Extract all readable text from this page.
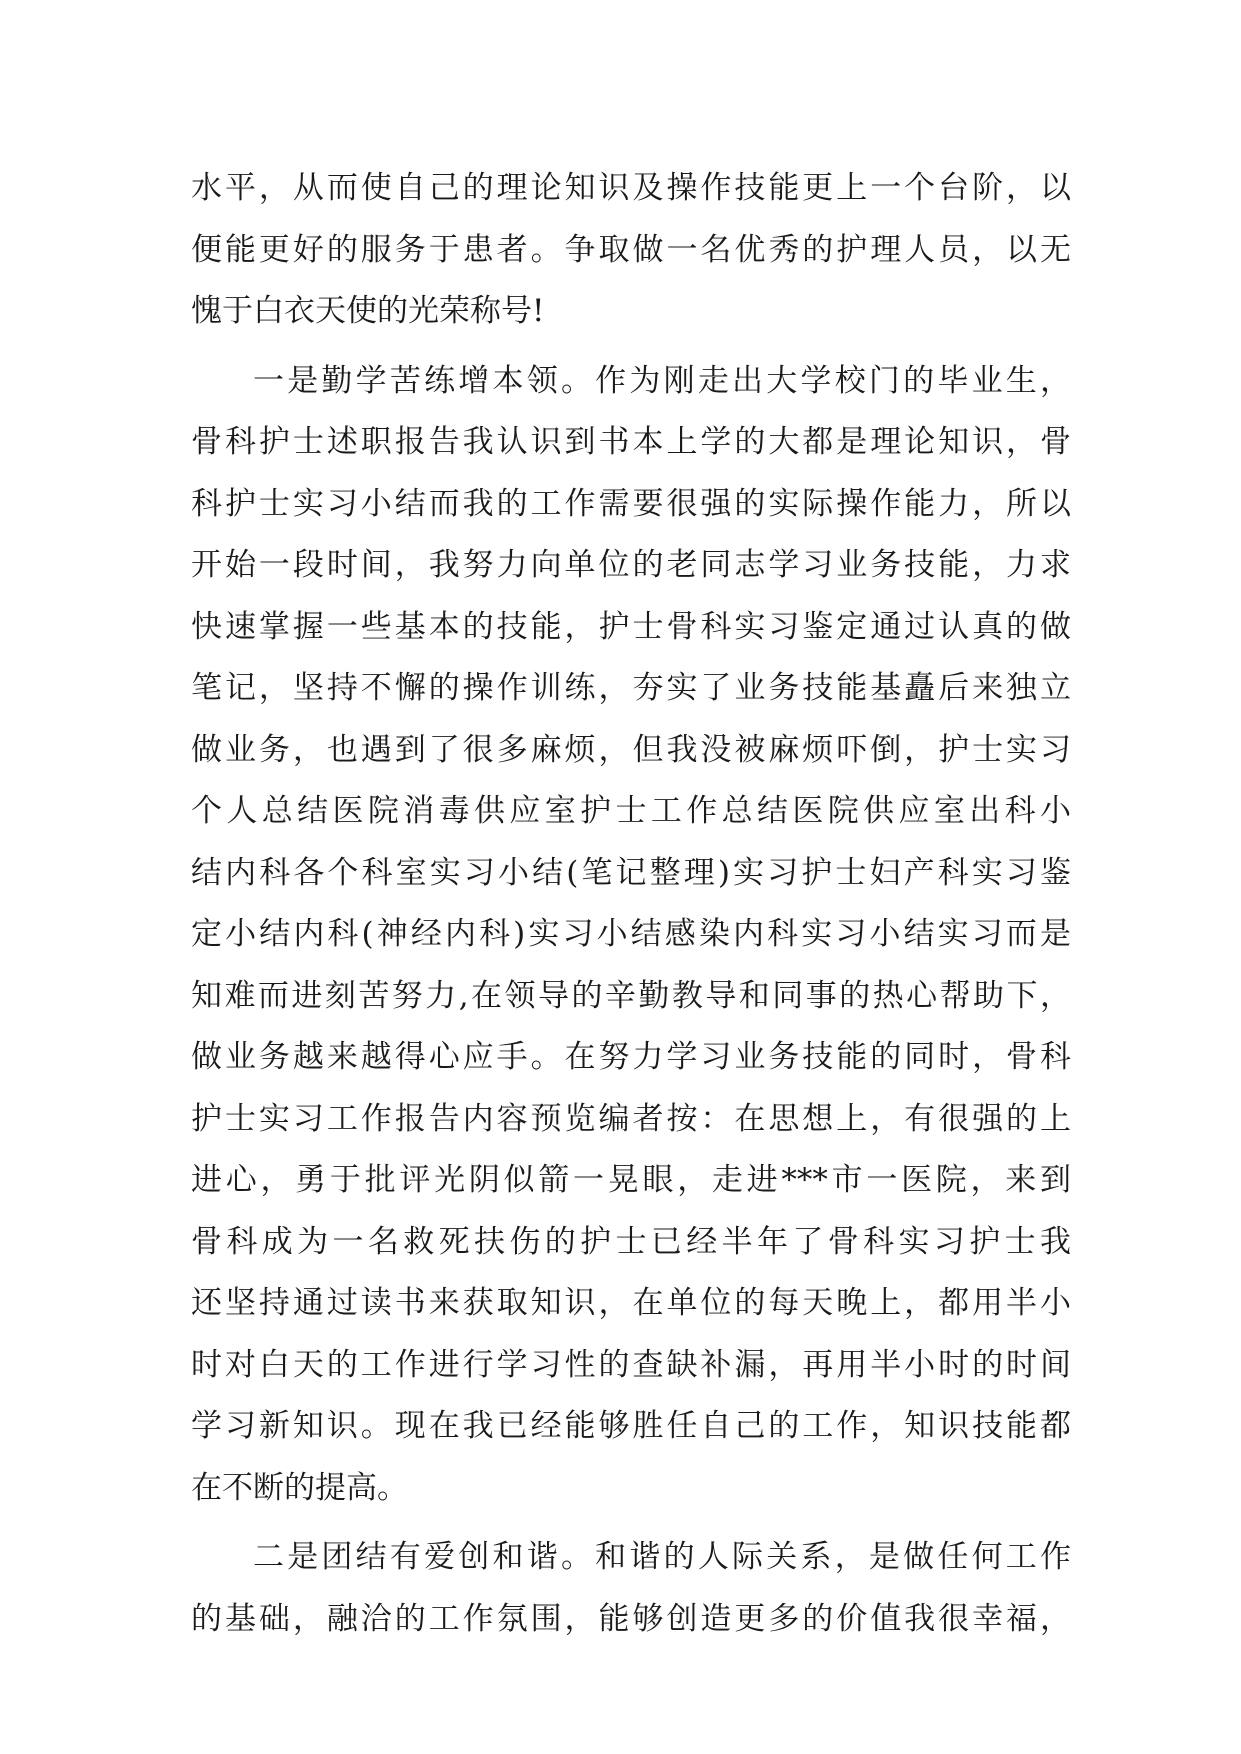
水平，从而使自己的理论知识及操作技能更上一个台阶，以
便能更好的服务于患者。争取做一名优秀的护理人员，以无
愧于白衣天使的光荣称号!
一是勤学苦练增本领。作为刚走出大学校门的毕业生，
骨科护士述职报告我认识到书本上学的大都是理论知识，骨
科护士实习小结而我的工作需要很强的实际操作能力，所以
开始一段时间，我努力向单位的老同志学习业务技能，力求
快速掌握一些基本的技能，护士骨科实习鉴定通过认真的做
笔记，坚持不懈的操作训练，夯实了业务技能基矗后来独立
做业务，也遇到了很多麻烦，但我没被麻烦吓倒，护士实习
个人总结医院消毒供应室护士工作总结医院供应室出科小
结内科各个科室实习小结(笔记整理)实习护士妇产科实习鉴
定小结内科(神经内科)实习小结感染内科实习小结实习而是
知难而进刻苦努力,在领导的辛勤教导和同事的热心帮助下，
做业务越来越得心应手。在努力学习业务技能的同时，骨科
护士实习工作报告内容预览编者按：在思想上，有很强的上
进心，勇于批评光阴似箭一晃眼，走进***市一医院，来到
骨科成为一名救死扶伤的护士已经半年了骨科实习护士我
还坚持通过读书来获取知识，在单位的每天晚上，都用半小
时对白天的工作进行学习性的查缺补漏，再用半小时的时间
学习新知识。现在我已经能够胜任自己的工作，知识技能都
在不断的提高。
二是团结有爱创和谐。和谐的人际关系，是做任何工作
的基础，融洽的工作氛围，能够创造更多的价值我很幸福，
